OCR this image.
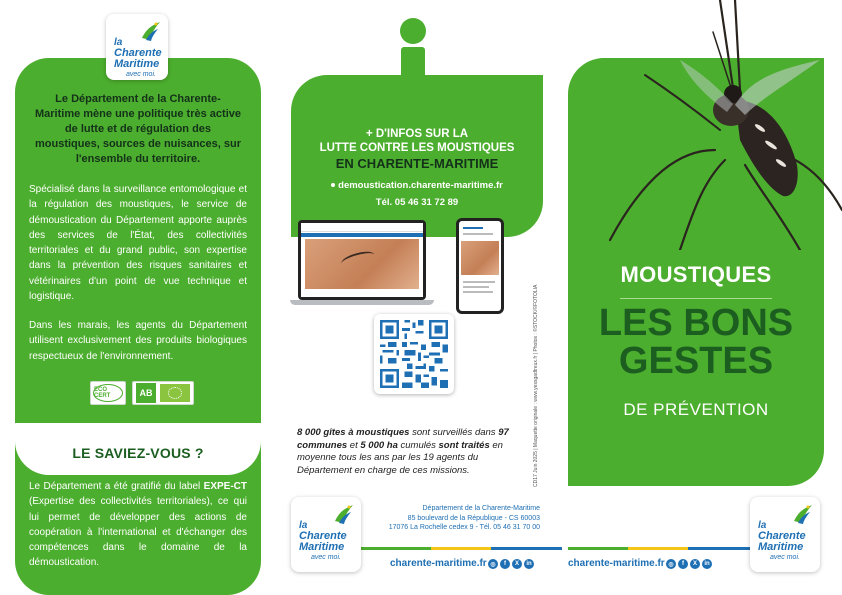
la
Charente
Maritime
avec moi.
Le Département de la Charente-Maritime mène une politique très active de lutte et de régulation des moustiques, sources de nuisances, sur l'ensemble du territoire.
Spécialisé dans la surveillance entomologique et la régulation des moustiques, le service de démoustication du Département apporte auprès des services de l'État, des collectivités territoriales et du grand public, son expertise dans la prévention des risques sanitaires et vétérinaires d'un point de vue technique et logistique.
Dans les marais, les agents du Département utilisent exclusivement des produits biologiques respectueux de l'environnement.
ECO CERT	AB
LE SAVIEZ-VOUS ?
Le Département a été gratifié du label EXPE-CT (Expertise des collectivités territoriales), ce qui lui permet de développer des actions de coopération à l'international et d'échanger des compétences dans le domaine de la démoustication.
+ D'INFOS SUR LA
LUTTE CONTRE LES MOUSTIQUES
EN CHARENTE-MARITIME
demoustication.charente-maritime.fr
Tél. 05 46 31 72 89
8 000 gîtes à moustiques sont surveillés dans 97 communes et 5 000 ha cumulés sont traités en moyenne tous les ans par les 19 agents du Département en charge de ces missions.	CD17 Juin 2025 | Maquette originale : www.yessgadtreux.fr | Photos : ©STOCK/©FOTOLIA
Département de la Charente-Maritime
85 boulevard de la République - CS 60003
17076 La Rochelle cedex 9 - Tél. 05 46 31 70 00
la
Charente
Maritime
avec moi.
charente-maritime.fr ◎	f	X	in
MOUSTIQUES
LES BONS
GESTES
DE PRÉVENTION
charente-maritime.fr ◎	f	X	in
la
Charente
Maritime
avec moi.
